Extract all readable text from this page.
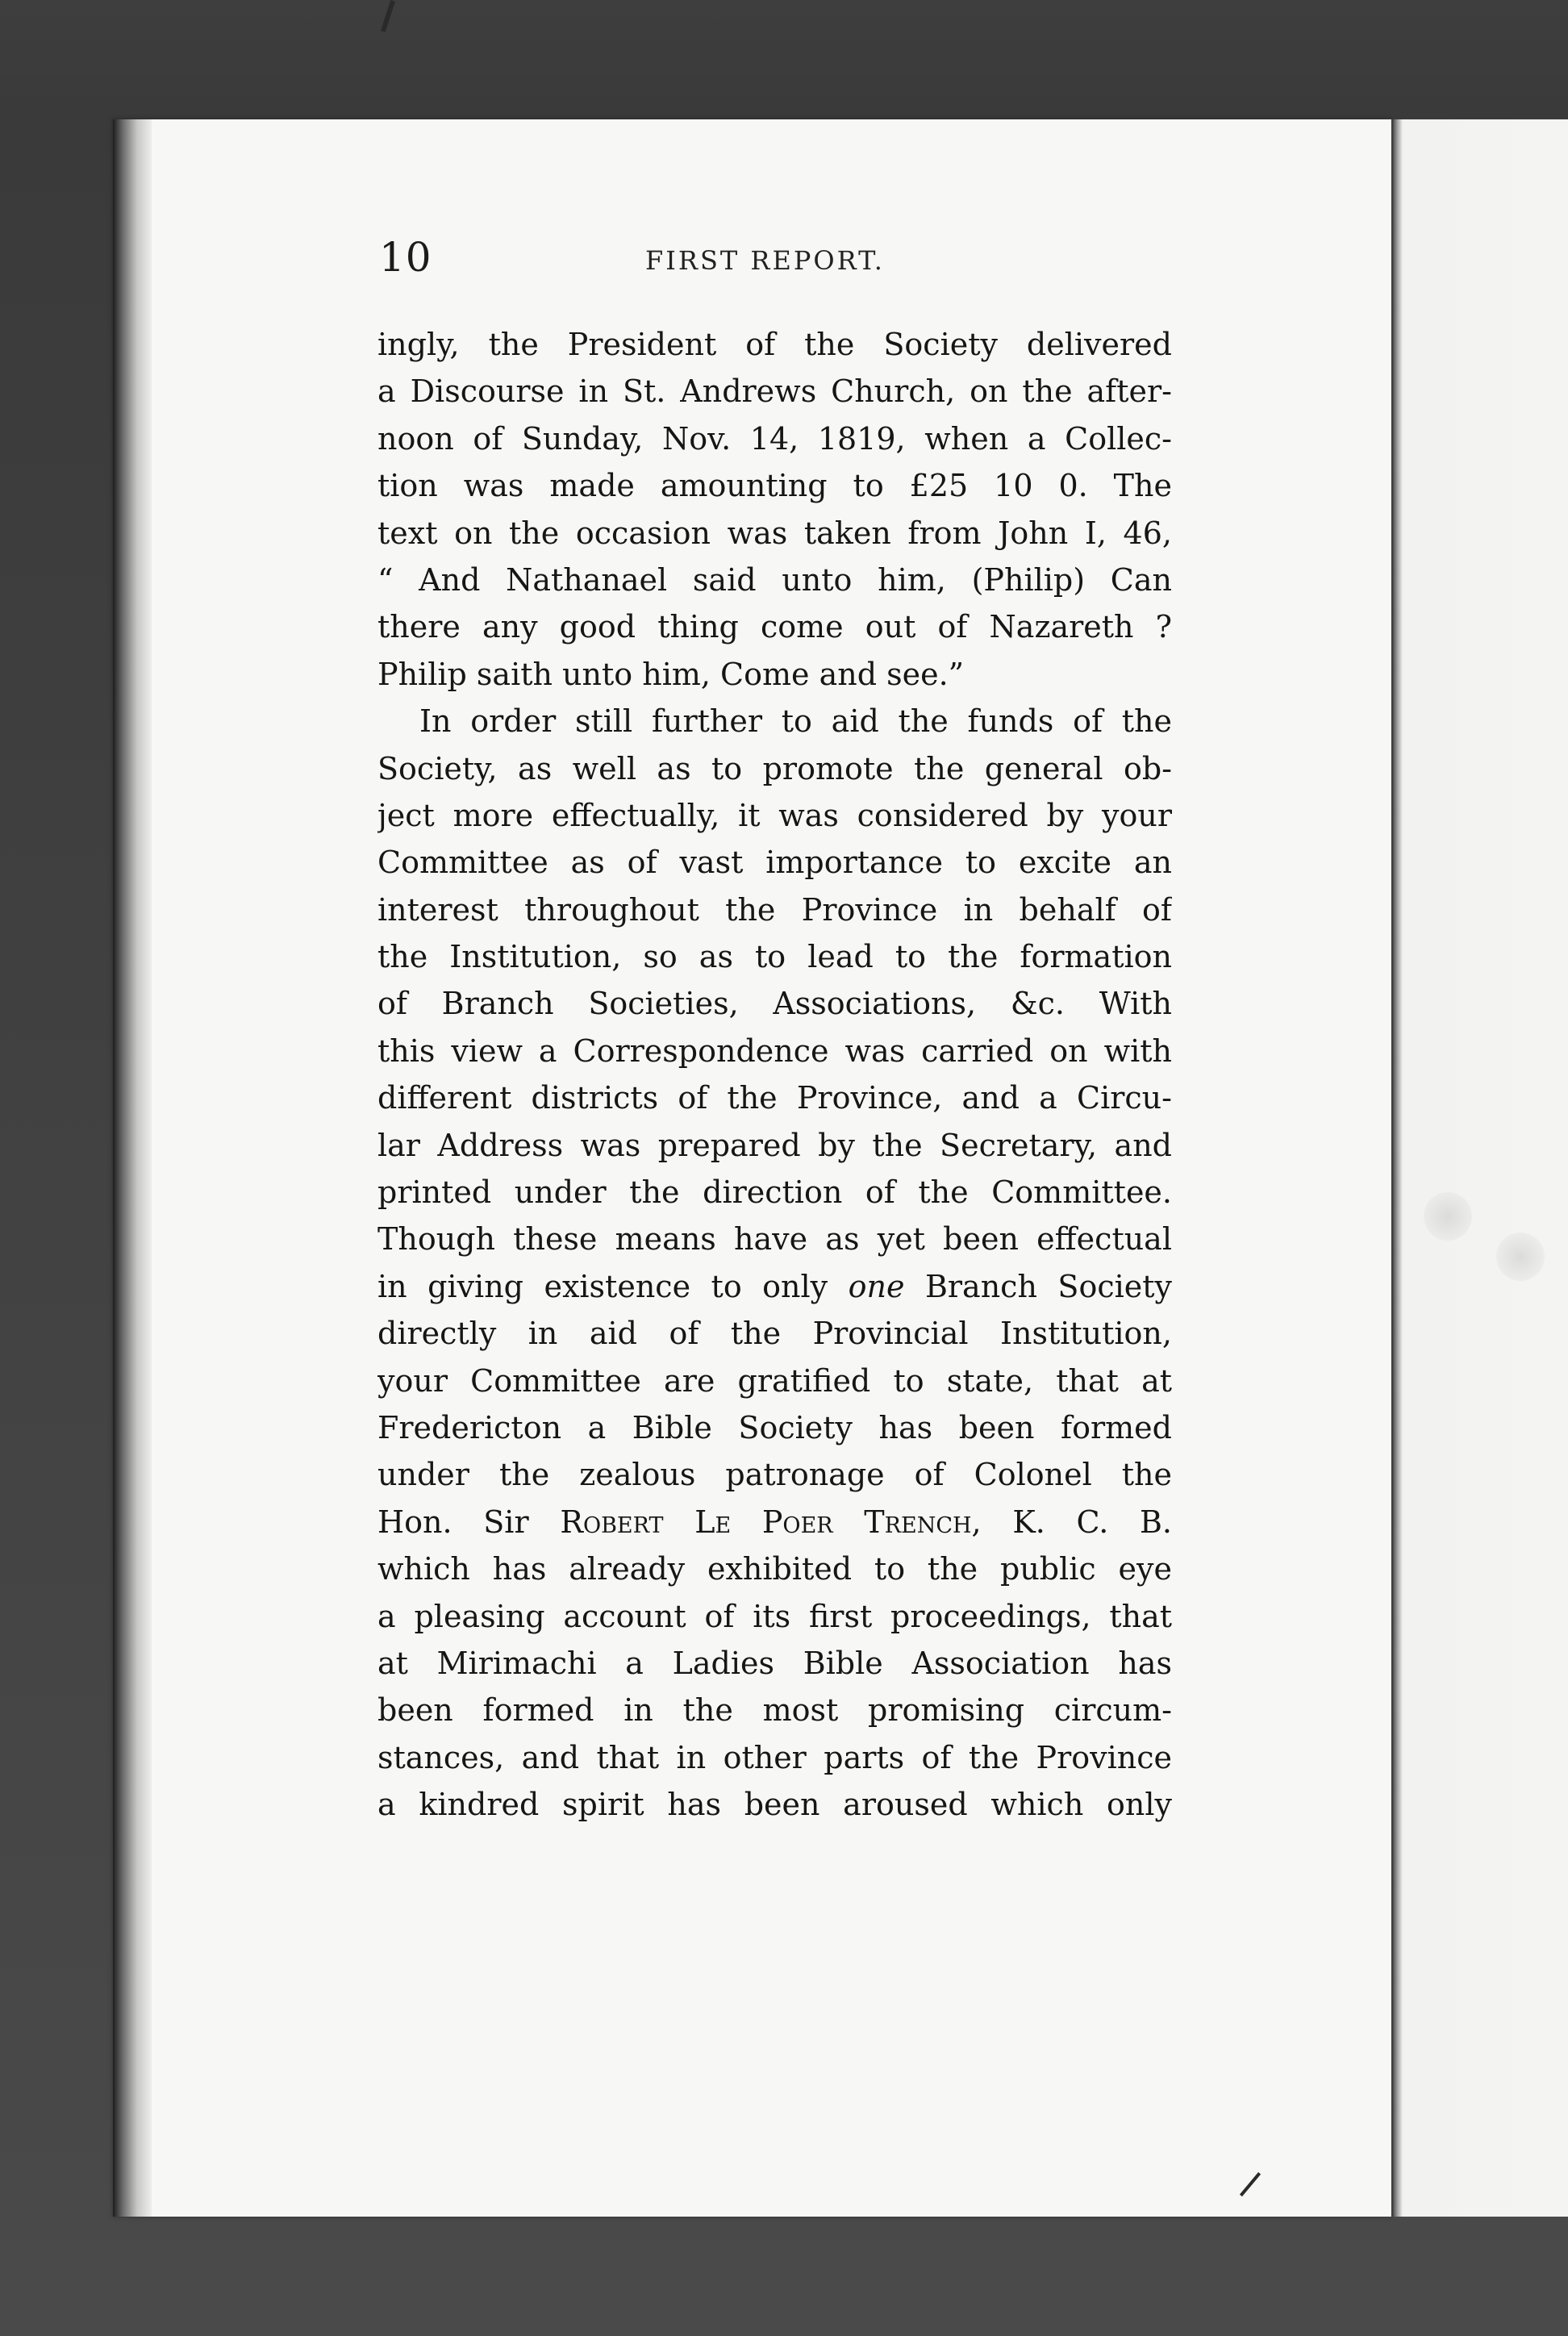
10	FIRST REPORT.
ingly, the President of the Society delivered
a Discourse in St. Andrews Church, on the after-
noon of Sunday, Nov. 14, 1819, when a Collec-
tion was made amounting to £25 10 0. The
text on the occasion was taken from John I, 46,
“ And Nathanael said unto him, (Philip) Can
there any good thing come out of Nazareth ?
Philip saith unto him, Come and see.”
In order still further to aid the funds of the
Society, as well as to promote the general ob-
ject more effectually, it was considered by your
Committee as of vast importance to excite an
interest throughout the Province in behalf of
the Institution, so as to lead to the formation
of Branch Societies, Associations, &c. With
this view a Correspondence was carried on with
different districts of the Province, and a Circu-
lar Address was prepared by the Secretary, and
printed under the direction of the Committee.
Though these means have as yet been effectual
in giving existence to only one Branch Society
directly in aid of the Provincial Institution,
your Committee are gratified to state, that at
Fredericton a Bible Society has been formed
under the zealous patronage of Colonel the
Hon. Sir Robert Le Poer Trench, K. C. B.
which has already exhibited to the public eye
a pleasing account of its first proceedings, that
at Mirimachi a Ladies Bible Association has
been formed in the most promising circum-
stances, and that in other parts of the Province
a kindred spirit has been aroused which only
